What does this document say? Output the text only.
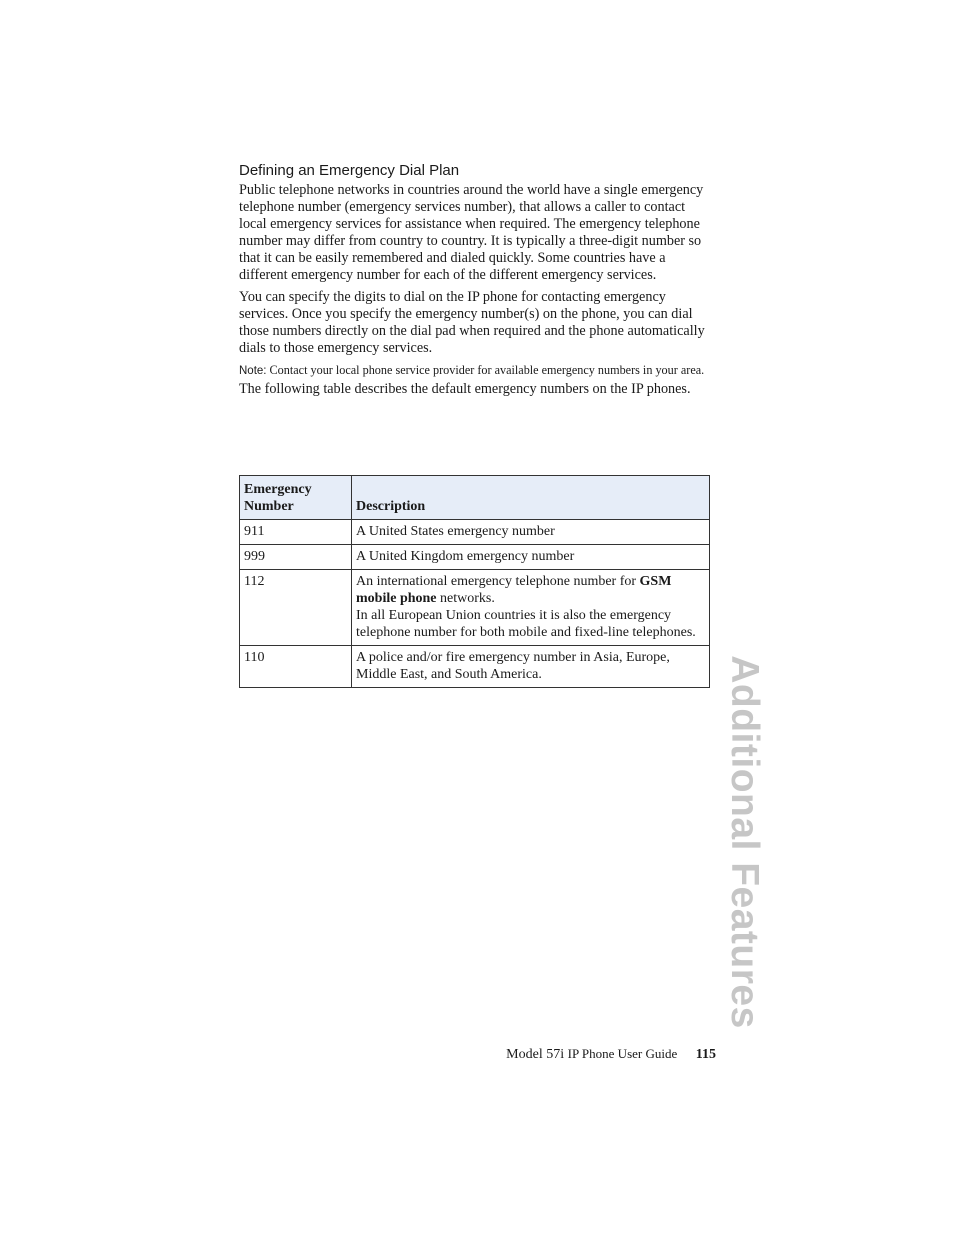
Defining an Emergency Dial Plan

Public telephone networks in countries around the world have a single emergency telephone number (emergency services number), that allows a caller to contact local emergency services for assistance when required. The emergency telephone number may differ from country to country. It is typically a three-digit number so that it can be easily remembered and dialed quickly. Some countries have a different emergency number for each of the different emergency services.

You can specify the digits to dial on the IP phone for contacting emergency services. Once you specify the emergency number(s) on the phone, you can dial those numbers directly on the dial pad when required and the phone automatically dials to those emergency services.

Note: Contact your local phone service provider for available emergency numbers in your area.

The following table describes the default emergency numbers on the IP phones.

Emergency
Number	Description
911	A United States emergency number
999	A United Kingdom emergency number
112	An international emergency telephone number for GSM mobile phone networks.
In all European Union countries it is also the emergency telephone number for both mobile and fixed-line telephones.
110	A police and/or fire emergency number in Asia, Europe, Middle East, and South America.	Additional Features
Model 57i IP Phone User Guide 115
